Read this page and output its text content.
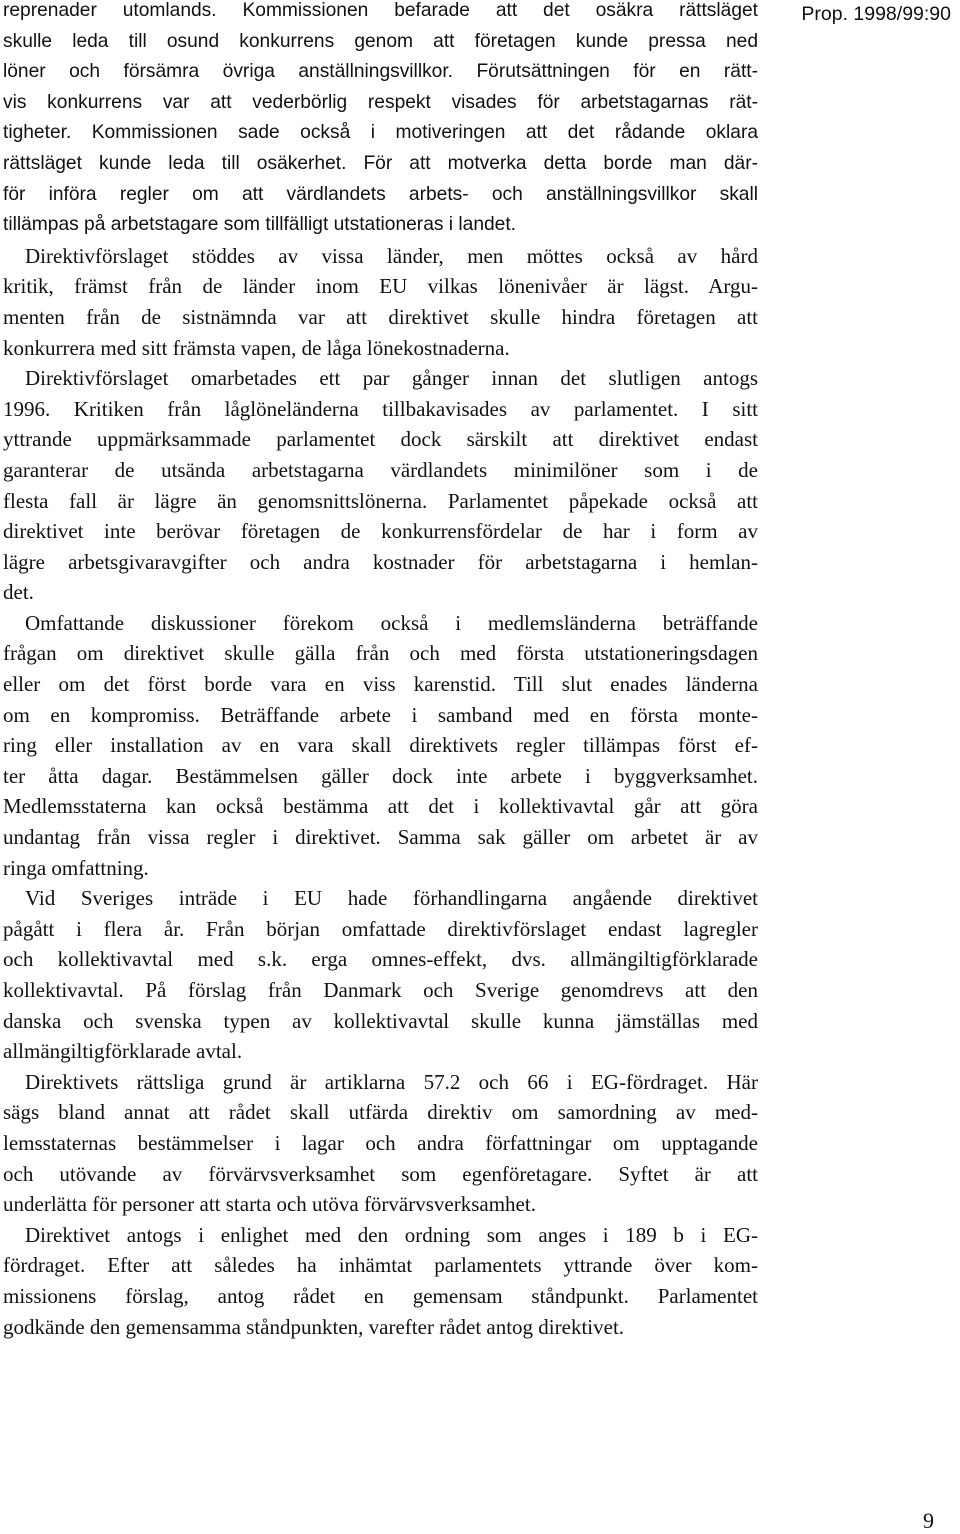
reprenader utomlands. Kommissionen befarade att det osäkra rättsläget
skulle leda till osund konkurrens genom att företagen kunde pressa ned
löner och försämra övriga anställningsvillkor. Förutsättningen för en rätt-
vis konkurrens var att vederbörlig respekt visades för arbetstagarnas rät-
tigheter. Kommissionen sade också i motiveringen att det rådande oklara
rättsläget kunde leda till osäkerhet. För att motverka detta borde man där-
för införa regler om att värdlandets arbets- och anställningsvillkor skall
tillämpas på arbetstagare som tillfälligt utstationeras i landet.
Direktivförslaget stöddes av vissa länder, men möttes också av hård
kritik, främst från de länder inom EU vilkas lönenivåer är lägst. Argu-
menten från de sistnämnda var att direktivet skulle hindra företagen att
konkurrera med sitt främsta vapen, de låga lönekostnaderna.
Direktivförslaget omarbetades ett par gånger innan det slutligen antogs
1996. Kritiken från låglöneländerna tillbakavisades av parlamentet. I sitt
yttrande uppmärksammade parlamentet dock särskilt att direktivet endast
garanterar de utsända arbetstagarna värdlandets minimilöner som i de
flesta fall är lägre än genomsnittslönerna. Parlamentet påpekade också att
direktivet inte berövar företagen de konkurrensfördelar de har i form av
lägre arbetsgivaravgifter och andra kostnader för arbetstagarna i hemlan-
det.
Omfattande diskussioner förekom också i medlemsländerna beträffande
frågan om direktivet skulle gälla från och med första utstationeringsdagen
eller om det först borde vara en viss karenstid. Till slut enades länderna
om en kompromiss. Beträffande arbete i samband med en första monte-
ring eller installation av en vara skall direktivets regler tillämpas först ef-
ter åtta dagar. Bestämmelsen gäller dock inte arbete i byggverksamhet.
Medlemsstaterna kan också bestämma att det i kollektivavtal går att göra
undantag från vissa regler i direktivet. Samma sak gäller om arbetet är av
ringa omfattning.
Vid Sveriges inträde i EU hade förhandlingarna angående direktivet
pågått i flera år. Från början omfattade direktivförslaget endast lagregler
och kollektivavtal med s.k. erga omnes-effekt, dvs. allmängiltigförklarade
kollektivavtal. På förslag från Danmark och Sverige genomdrevs att den
danska och svenska typen av kollektivavtal skulle kunna jämställas med
allmängiltigförklarade avtal.
Direktivets rättsliga grund är artiklarna 57.2 och 66 i EG-fördraget. Här
sägs bland annat att rådet skall utfärda direktiv om samordning av med-
lemsstaternas bestämmelser i lagar och andra författningar om upptagande
och utövande av förvärvsverksamhet som egenföretagare. Syftet är att
underlätta för personer att starta och utöva förvärvsverksamhet.
Direktivet antogs i enlighet med den ordning som anges i 189 b i EG-
fördraget. Efter att således ha inhämtat parlamentets yttrande över kom-
missionens förslag, antog rådet en gemensam ståndpunkt. Parlamentet
godkände den gemensamma ståndpunkten, varefter rådet antog direktivet.
Prop. 1998/99:90
9
